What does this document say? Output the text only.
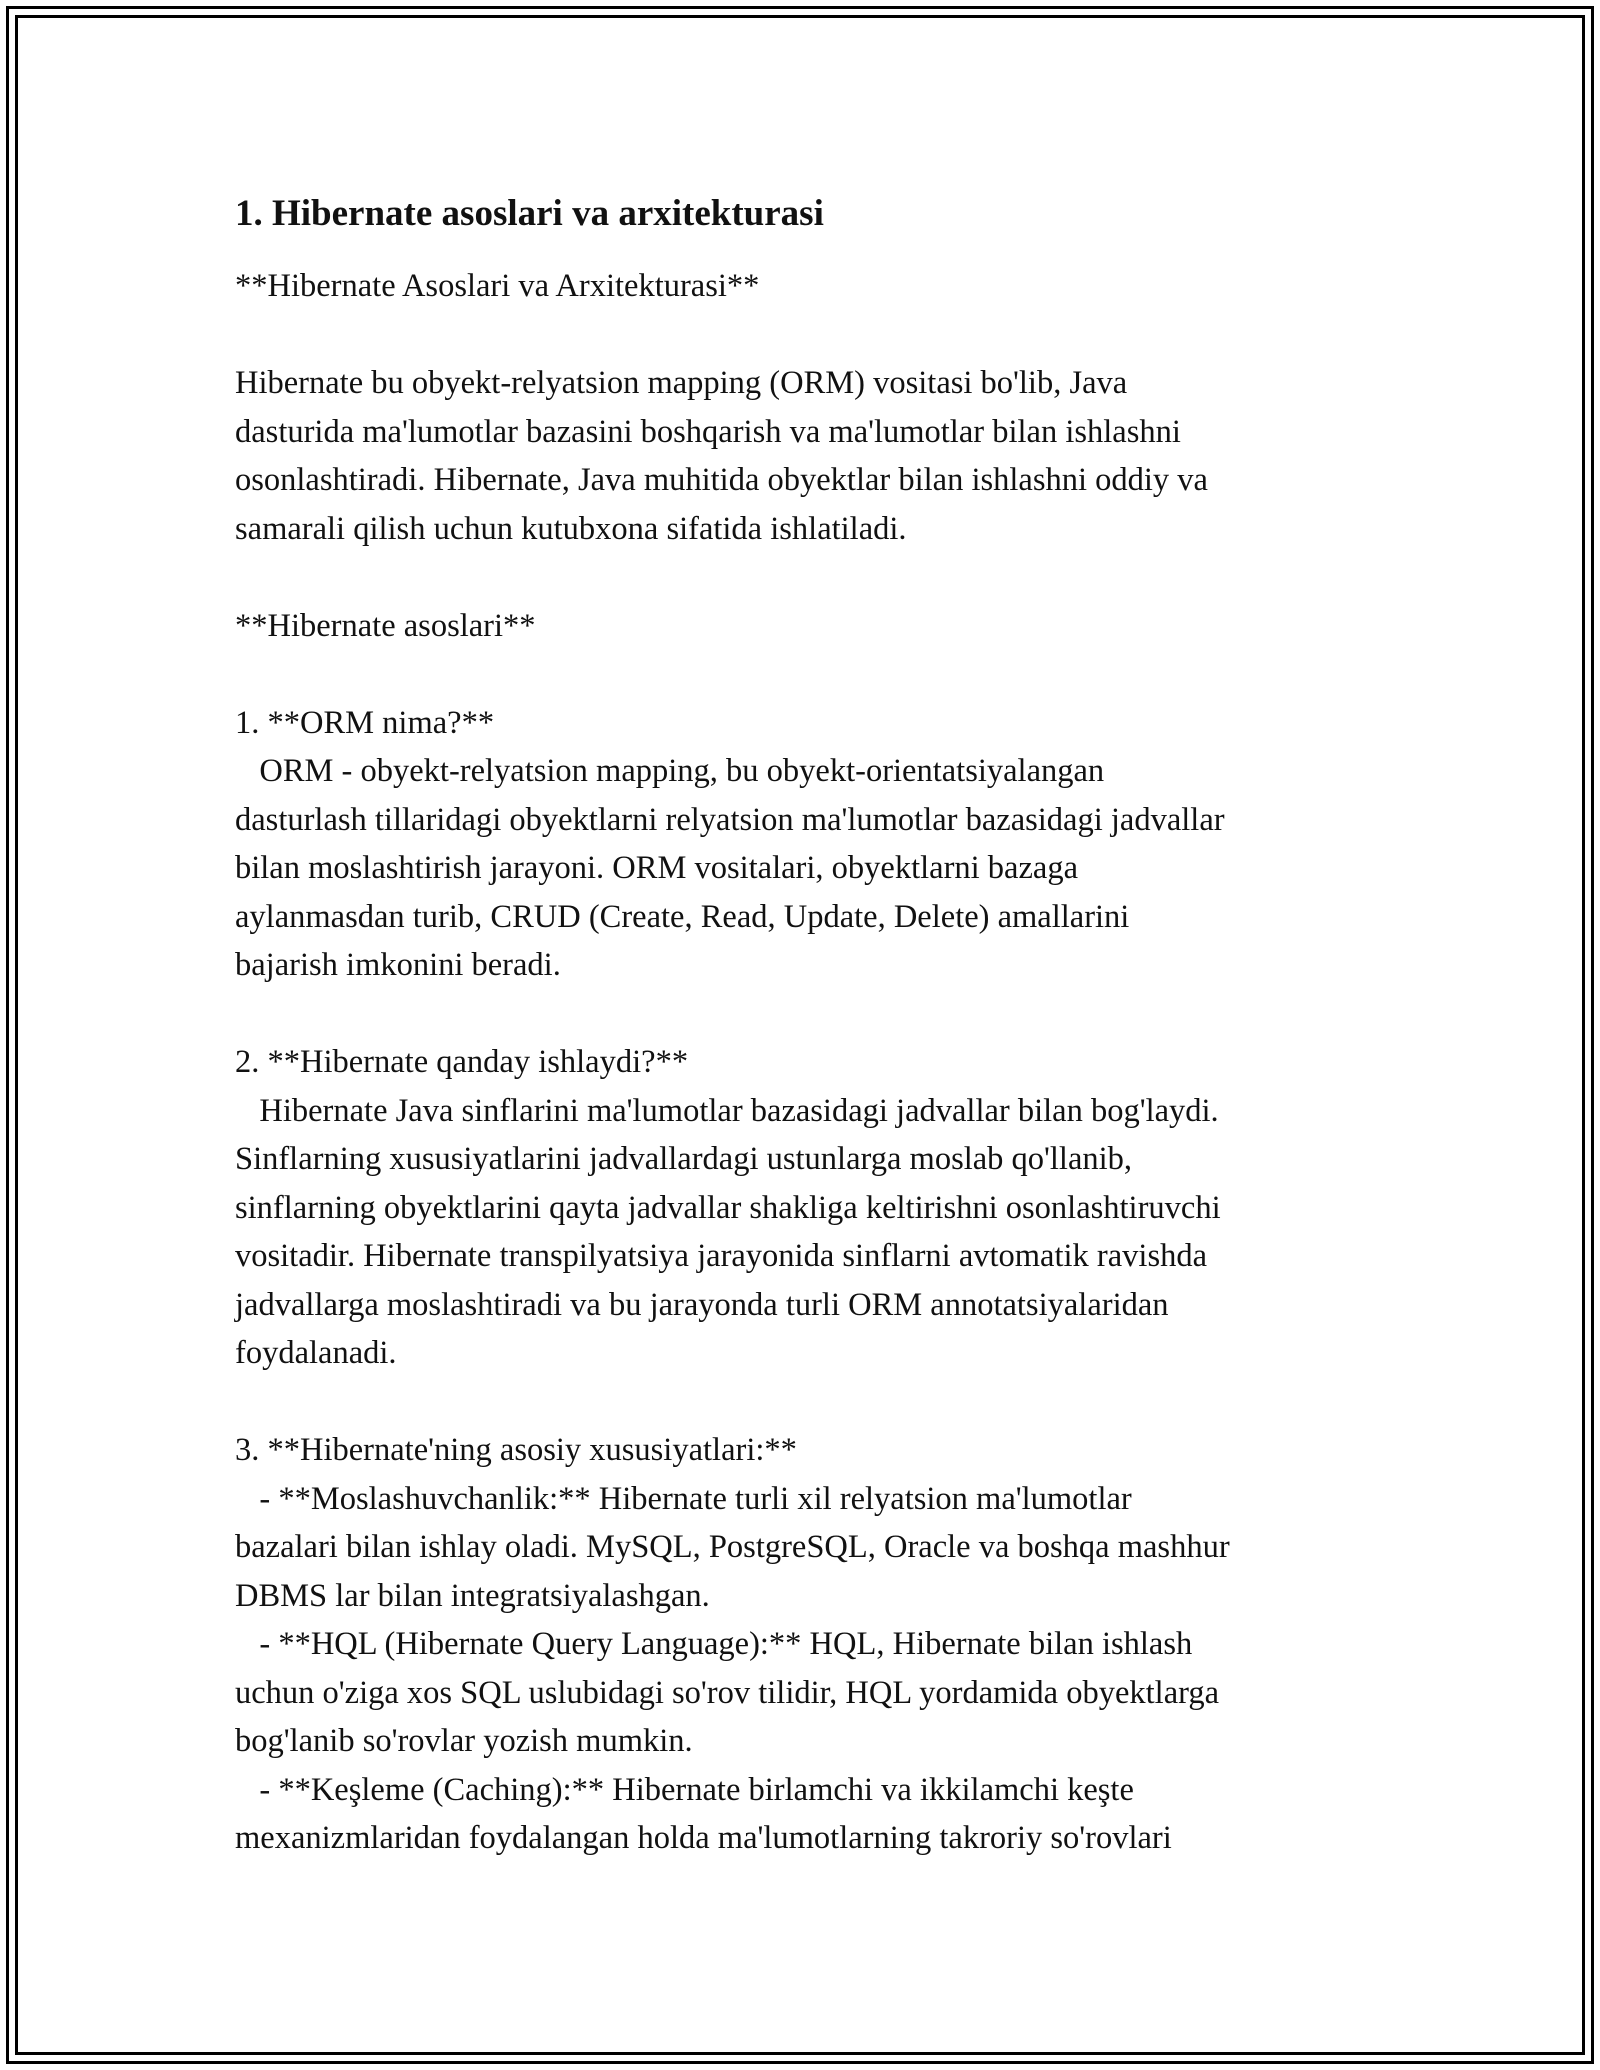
1. Hibernate asoslari va arxitekturasi
**Hibernate Asoslari va Arxitekturasi**
Hibernate bu obyekt-relyatsion mapping (ORM) vositasi bo'lib, Java
dasturida ma'lumotlar bazasini boshqarish va ma'lumotlar bilan ishlashni
osonlashtiradi. Hibernate, Java muhitida obyektlar bilan ishlashni oddiy va
samarali qilish uchun kutubxona sifatida ishlatiladi.
**Hibernate asoslari**
1. **ORM nima?**
ORM - obyekt-relyatsion mapping, bu obyekt-orientatsiyalangan
dasturlash tillaridagi obyektlarni relyatsion ma'lumotlar bazasidagi jadvallar
bilan moslashtirish jarayoni. ORM vositalari, obyektlarni bazaga
aylanmasdan turib, CRUD (Create, Read, Update, Delete) amallarini
bajarish imkonini beradi.
2. **Hibernate qanday ishlaydi?**
Hibernate Java sinflarini ma'lumotlar bazasidagi jadvallar bilan bog'laydi.
Sinflarning xususiyatlarini jadvallardagi ustunlarga moslab qo'llanib,
sinflarning obyektlarini qayta jadvallar shakliga keltirishni osonlashtiruvchi
vositadir. Hibernate transpilyatsiya jarayonida sinflarni avtomatik ravishda
jadvallarga moslashtiradi va bu jarayonda turli ORM annotatsiyalaridan
foydalanadi.
3. **Hibernate'ning asosiy xususiyatlari:**
- **Moslashuvchanlik:** Hibernate turli xil relyatsion ma'lumotlar
bazalari bilan ishlay oladi. MySQL, PostgreSQL, Oracle va boshqa mashhur
DBMS lar bilan integratsiyalashgan.
- **HQL (Hibernate Query Language):** HQL, Hibernate bilan ishlash
uchun o'ziga xos SQL uslubidagi so'rov tilidir, HQL yordamida obyektlarga
bog'lanib so'rovlar yozish mumkin.
- **Keşleme (Caching):** Hibernate birlamchi va ikkilamchi keşte
mexanizmlaridan foydalangan holda ma'lumotlarning takroriy so'rovlari
